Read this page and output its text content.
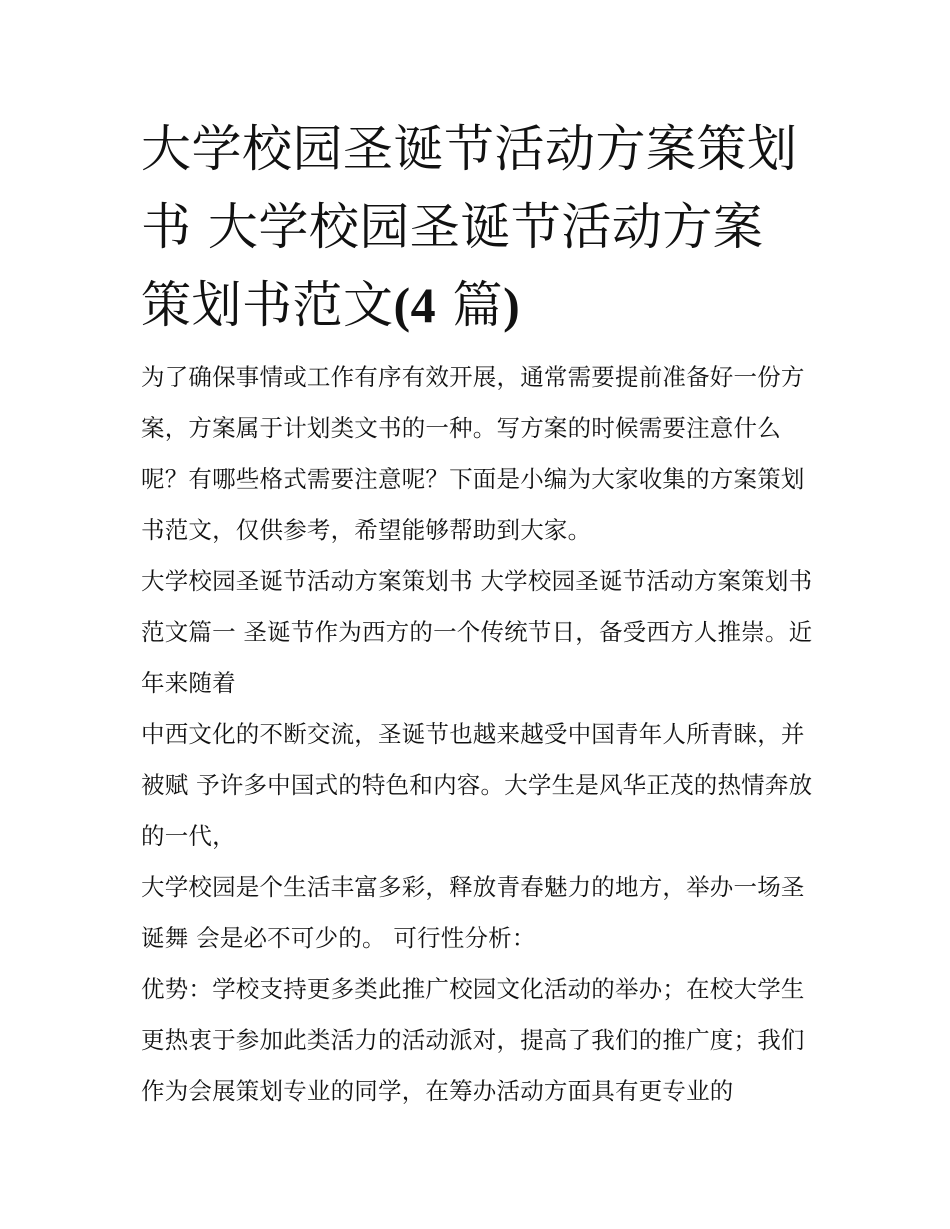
大学校园圣诞节活动方案策划书 大学校园圣诞节活动方案策划书范文(4 篇)

为了确保事情或工作有序有效开展，通常需要提前准备好一份方案，方案属于计划类文书的一种。写方案的时候需要注意什么呢？有哪些格式需要注意呢？下面是小编为大家收集的方案策划书范文，仅供参考，希望能够帮助到大家。

大学校园圣诞节活动方案策划书 大学校园圣诞节活动方案策划书范文篇一 圣诞节作为西方的一个传统节日，备受西方人推崇。近年来随着

中西文化的不断交流，圣诞节也越来越受中国青年人所青睐，并被赋 予许多中国式的特色和内容。大学生是风华正茂的热情奔放的一代，

大学校园是个生活丰富多彩，释放青春魅力的地方，举办一场圣诞舞 会是必不可少的。 可行性分析：

优势：学校支持更多类此推广校园文化活动的举办；在校大学生更热衷于参加此类活力的活动派对，提高了我们的推广度；我们作为会展策划专业的同学，在筹办活动方面具有更专业的
